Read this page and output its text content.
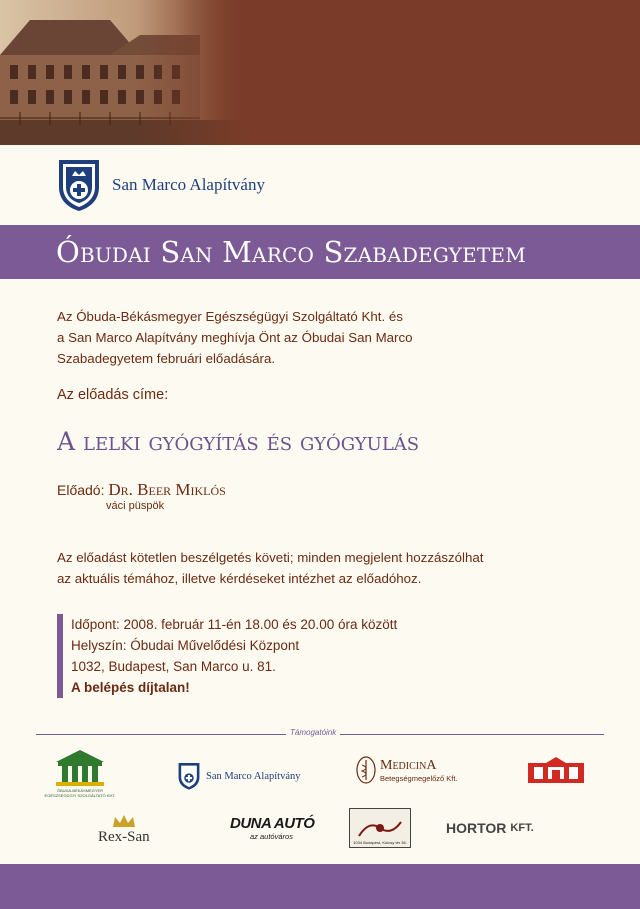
San Marco Alapítvány
Óbudai San Marco Szabadegyetem
Az Óbuda-Békásmegyer Egészségügyi Szolgáltató Kht. és
a San Marco Alapítvány meghívja Önt az Óbudai San Marco
Szabadegyetem februári előadására.
Az előadás címe:
A lelki gyógyítás és gyógyulás
Előadó: Dr. Beer Miklós
váci püspök
Az előadást kötetlen beszélgetés követi; minden megjelent hozzászólhat
az aktuális témához, illetve kérdéseket intézhet az előadóhoz.
Időpont: 2008. február 11-én 18.00 és 20.00 óra között
Helyszín: Óbudai Művelődési Központ
1032, Budapest, San Marco u. 81.
A belépés díjtalan!
Támogatóink
ÓBUDA-BÉKÁSMEGYER EGÉSZSÉGÜGYI SZOLGÁLTATÓ KHT.
San Marco Alapítvány
MedicinA
Betegségmegelőző Kft.
Rex-San
DUNA AUTÓ
az autóváros
1034 Budapest, Kolosy tér 36.
HORTOR KFT.
